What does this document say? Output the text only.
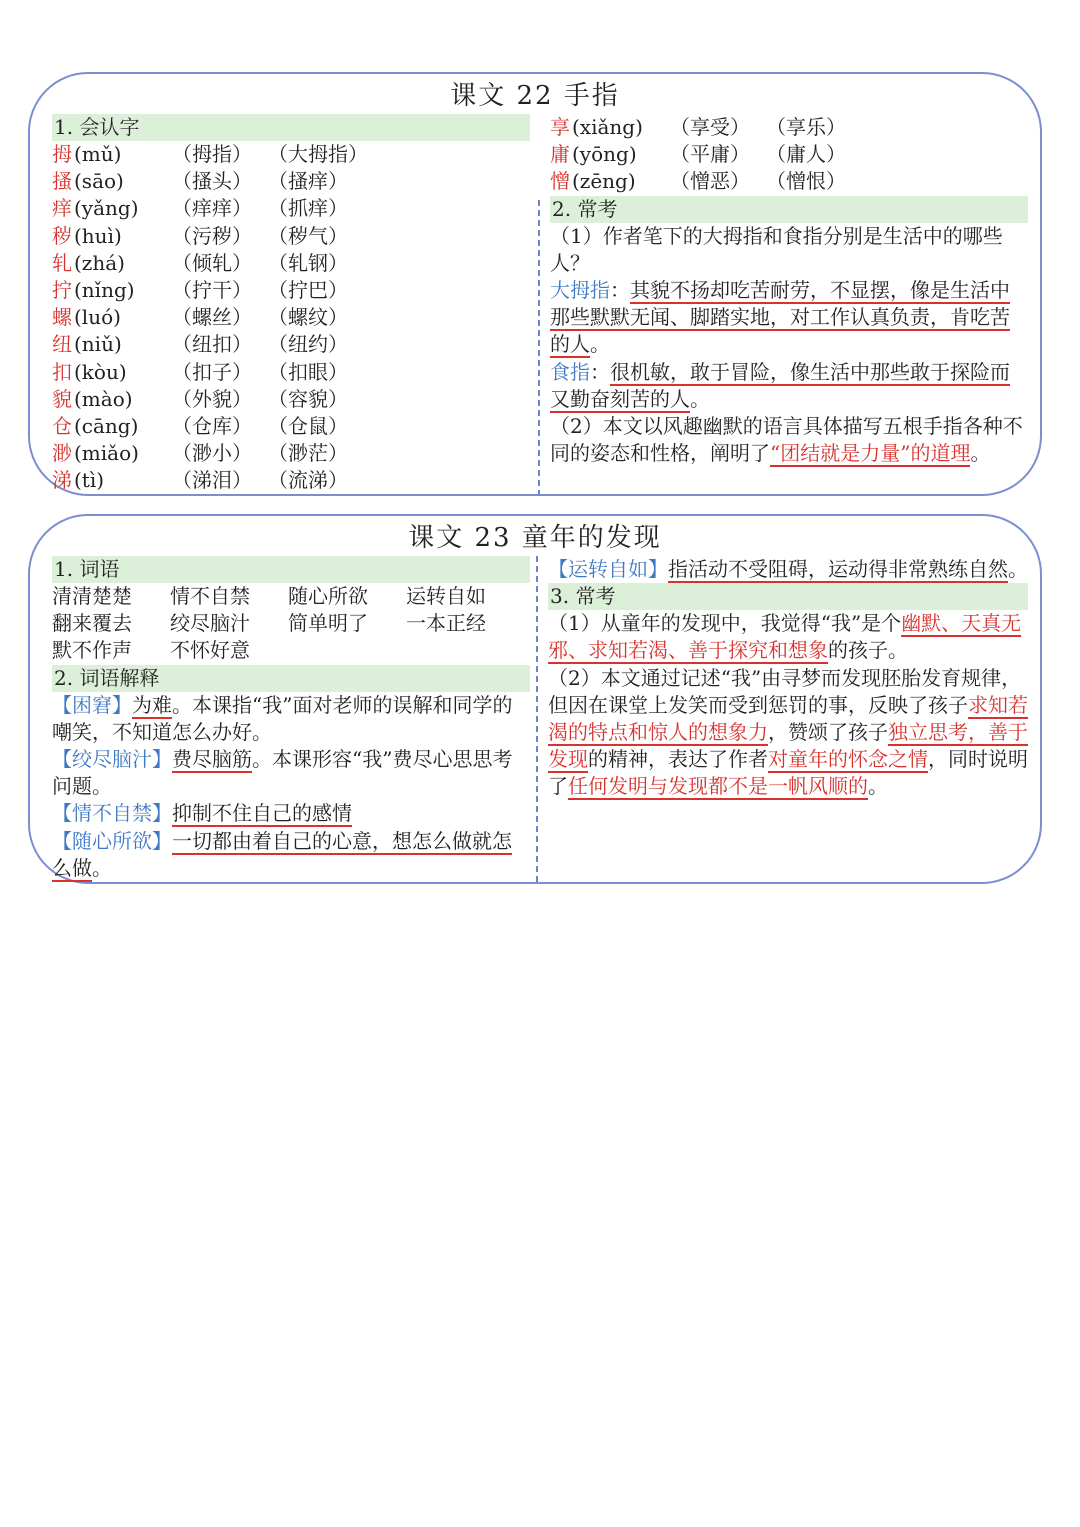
课文 22 手指
1. 会认字
拇 (mǔ)	（拇指） （大拇指）
搔 (sāo) （搔头） （搔痒）
痒 (yǎng) （痒痒） （抓痒）
秽 (huì)	（污秽） （秽气）
轧 (zhá) （倾轧） （轧钢）
拧 (nǐng) （拧干） （拧巴）
螺 (luó)	（螺丝） （螺纹）
纽 (niǔ)	（纽扣） （纽约）
扣 (kòu) （扣子） （扣眼）
貌 (mào) （外貌） （容貌）
仓 (cāng) （仓库） （仓鼠）
渺 (miǎo) （渺小） （渺茫）
涕 (tì)	（涕泪） （流涕）
享 (xiǎng) （享受） （享乐）
庸 (yōng) （平庸） （庸人）
憎 (zēng) （憎恶） （憎恨）
2. 常考

（1）作者笔下的大拇指和食指分别是生活中的哪些人？

大拇指：其貌不扬却吃苦耐劳，不显摆，像是生活中那些默默无闻、脚踏实地，对工作认真负责，肯吃苦的人。

食指：很机敏，敢于冒险，像生活中那些敢于探险而又勤奋刻苦的人。

（2）本文以风趣幽默的语言具体描写五根手指各种不同的姿态和性格，阐明了“团结就是力量”的道理。

课文 23 童年的发现
1. 词语
清清楚楚 情不自禁 随心所欲 运转自如
翻来覆去 绞尽脑汁 简单明了 一本正经
默不作声 不怀好意
2. 词语解释

【困窘】为难。本课指“我”面对老师的误解和同学的嘲笑，不知道怎么办好。

【绞尽脑汁】费尽脑筋。本课形容“我”费尽心思思考问题。

【情不自禁】抑制不住自己的感情

【随心所欲】一切都由着自己的心意，想怎么做就怎么做。

【运转自如】指活动不受阻碍，运动得非常熟练自然。

3. 常考

（1）从童年的发现中，我觉得“我”是个幽默、天真无邪、求知若渴、善于探究和想象的孩子。

（2）本文通过记述“我”由寻梦而发现胚胎发育规律，但因在课堂上发笑而受到惩罚的事，反映了孩子求知若渴的特点和惊人的想象力，赞颂了孩子独立思考，善于发现的精神，表达了作者对童年的怀念之情，同时说明了任何发明与发现都不是一帆风顺的。
